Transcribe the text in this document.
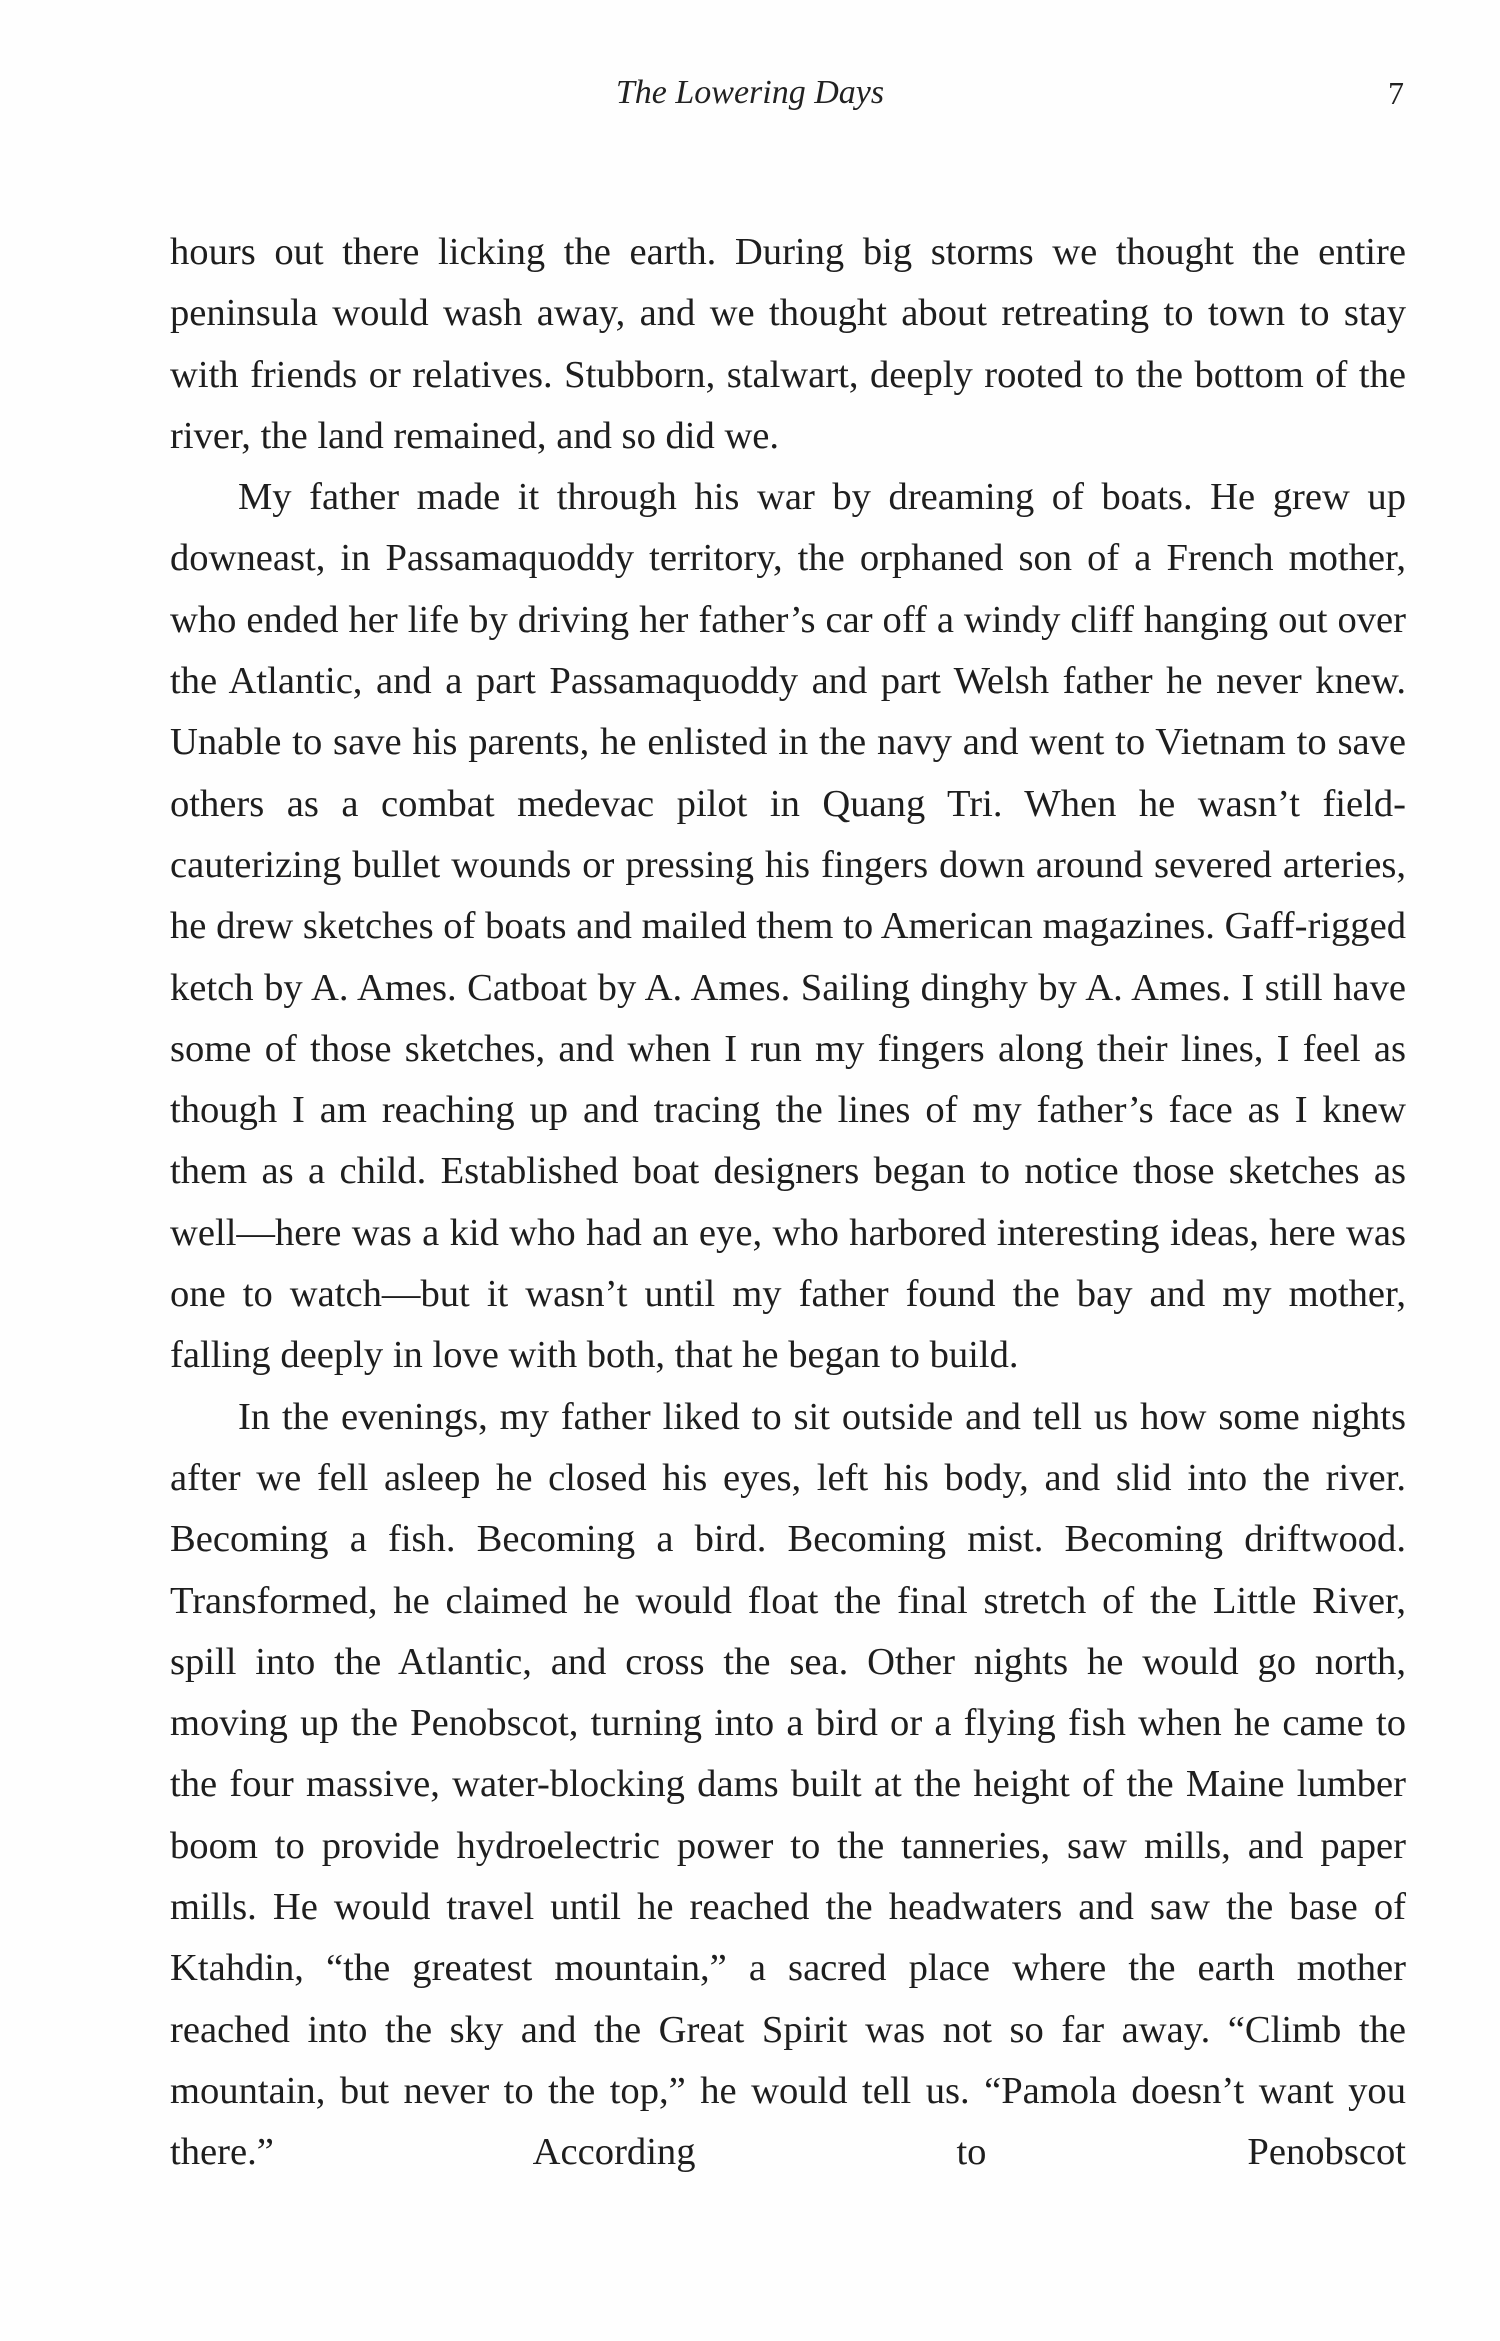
The Lowering Days	7

hours out there licking the earth. During big storms we thought the entire peninsula would wash away, and we thought about retreating to town to stay with friends or relatives. Stubborn, stalwart, deeply rooted to the bottom of the river, the land remained, and so did we.

My father made it through his war by dreaming of boats. He grew up downeast, in Passamaquoddy territory, the orphaned son of a French mother, who ended her life by driving her father’s car off a windy cliff hanging out over the Atlantic, and a part Passamaquoddy and part Welsh father he never knew. Unable to save his parents, he enlisted in the navy and went to Vietnam to save others as a combat medevac pilot in Quang Tri. When he wasn’t field-cauterizing bullet wounds or pressing his fingers down around severed arteries, he drew sketches of boats and mailed them to American magazines. Gaff-rigged ketch by A. Ames. Catboat by A. Ames. Sailing dinghy by A. Ames. I still have some of those sketches, and when I run my fingers along their lines, I feel as though I am reaching up and tracing the lines of my father’s face as I knew them as a child. Established boat designers began to notice those sketches as well—here was a kid who had an eye, who harbored interesting ideas, here was one to watch—but it wasn’t until my father found the bay and my mother, falling deeply in love with both, that he began to build.

In the evenings, my father liked to sit outside and tell us how some nights after we fell asleep he closed his eyes, left his body, and slid into the river. Becoming a fish. Becoming a bird. Becoming mist. Becoming driftwood. Transformed, he claimed he would float the final stretch of the Little River, spill into the Atlantic, and cross the sea. Other nights he would go north, moving up the Penobscot, turning into a bird or a flying fish when he came to the four massive, water-blocking dams built at the height of the Maine lumber boom to provide hydroelectric power to the tanneries, saw mills, and paper mills. He would travel until he reached the headwaters and saw the base of Ktahdin, “the greatest mountain,” a sacred place where the earth mother reached into the sky and the Great Spirit was not so far away. “Climb the mountain, but never to the top,” he would tell us. “Pamola doesn’t want you there.” According to Penobscot
